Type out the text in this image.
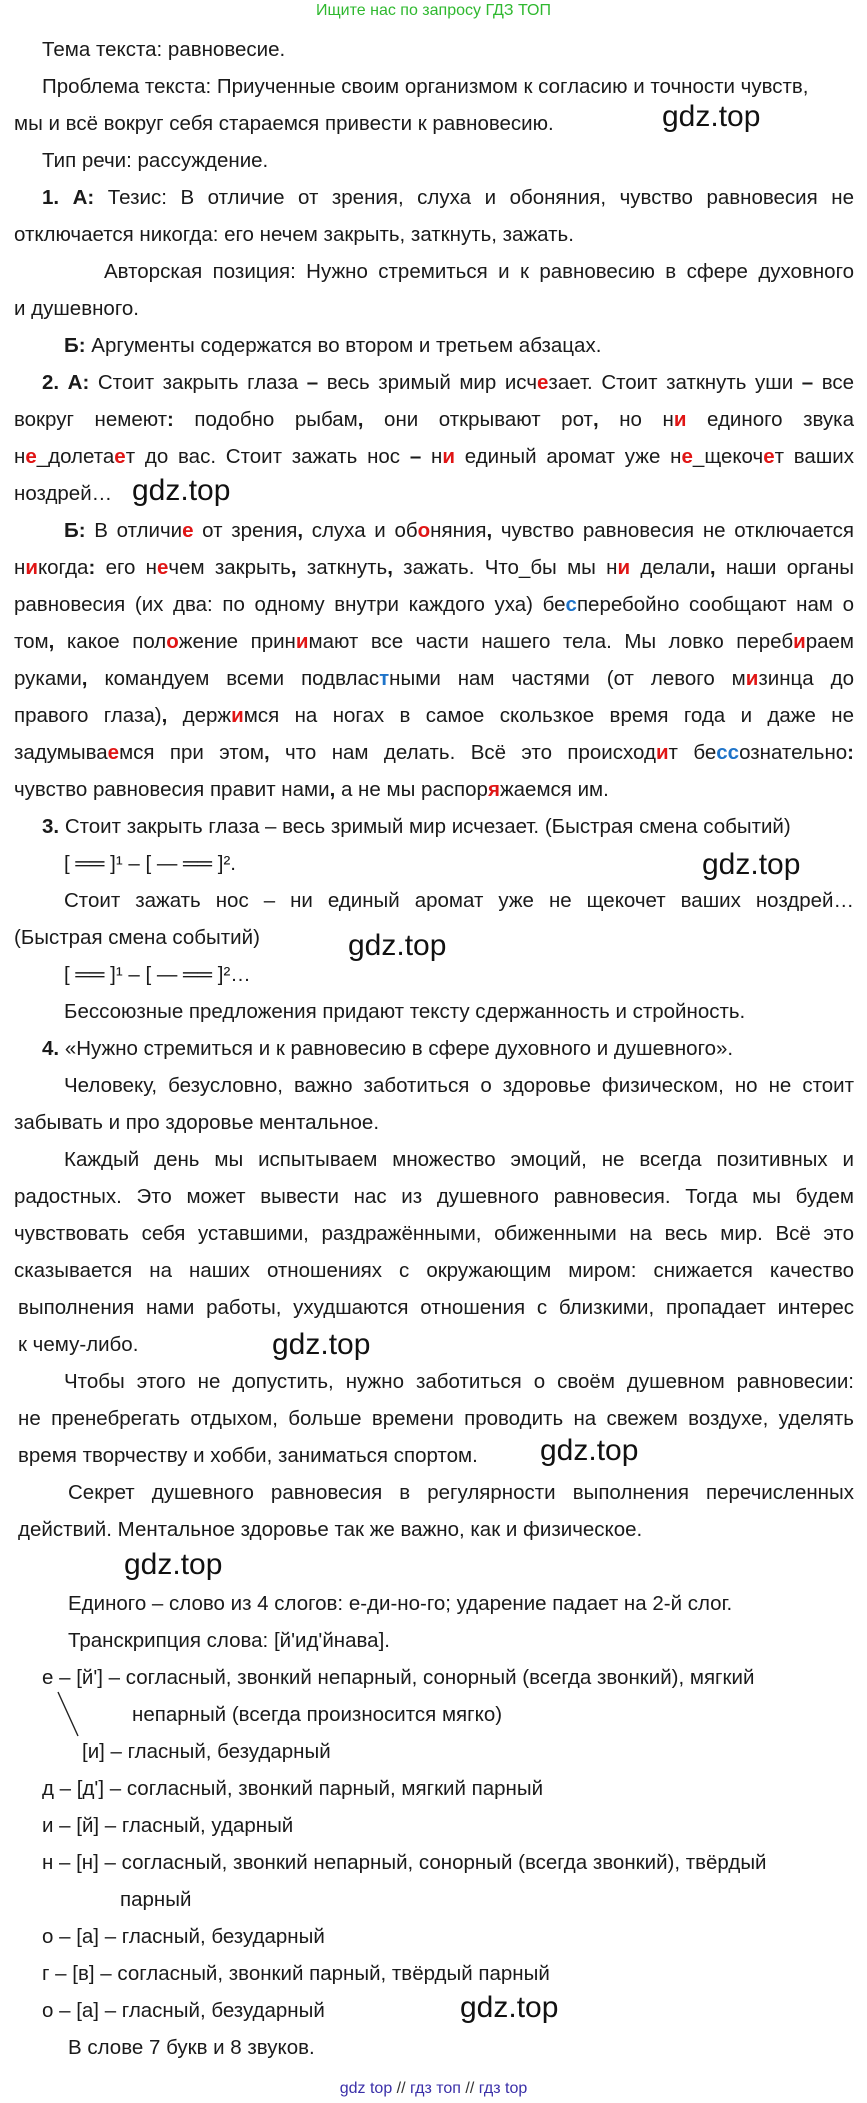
Ищите нас по запросу ГДЗ ТОП
Тема текста: равновесие.
Проблема текста: Приученные своим организмом к согласию и точности чувств,
мы и всё вокруг себя стараемся привести к равновесию.
Тип речи: рассуждение.
1. А: Тезис: В отличие от зрения, слуха и обоняния, чувство равновесия не
отключается никогда: его нечем закрыть, заткнуть, зажать.
Авторская позиция: Нужно стремиться и к равновесию в сфере духовного
и душевного.
Б: Аргументы содержатся во втором и третьем абзацах.
2. А: Стоит закрыть глаза – весь зримый мир исчезает. Стоит заткнуть уши – все
вокруг немеют: подобно рыбам, они открывают рот, но ни единого звука
не_долетает до вас. Стоит зажать нос – ни единый аромат уже не_щекочет ваших
ноздрей…
Б: В отличие от зрения, слуха и обоняния, чувство равновесия не отключается
никогда: его нечем закрыть, заткнуть, зажать. Что_бы мы ни делали, наши органы
равновесия (их два: по одному внутри каждого уха) бесперебойно сообщают нам о
том, какое положение принимают все части нашего тела. Мы ловко перебираем
руками, командуем всеми подвластными нам частями (от левого мизинца до
правого глаза), держимся на ногах в самое скользкое время года и даже не
задумываемся при этом, что нам делать. Всё это происходит бессознательно:
чувство равновесия правит нами, а не мы распоряжаемся им.
3. Стоит закрыть глаза – весь зримый мир исчезает. (Быстрая смена событий)
[ ══ ]¹ – [ — ══ ]².
Стоит зажать нос – ни единый аромат уже не щекочет ваших ноздрей…
(Быстрая смена событий)
[ ══ ]¹ – [ — ══ ]²…
Бессоюзные предложения придают тексту сдержанность и стройность.
4. «Нужно стремиться и к равновесию в сфере духовного и душевного».
Человеку, безусловно, важно заботиться о здоровье физическом, но не стоит
забывать и про здоровье ментальное.
Каждый день мы испытываем множество эмоций, не всегда позитивных и
радостных. Это может вывести нас из душевного равновесия. Тогда мы будем
чувствовать себя уставшими, раздражёнными, обиженными на весь мир. Всё это
сказывается на наших отношениях с окружающим миром: снижается качество
выполнения нами работы, ухудшаются отношения с близкими, пропадает интерес
к чему-либо.
Чтобы этого не допустить, нужно заботиться о своём душевном равновесии:
не пренебрегать отдыхом, больше времени проводить на свежем воздухе, уделять
время творчеству и хобби, заниматься спортом.
Секрет душевного равновесия в регулярности выполнения перечисленных
действий. Ментальное здоровье так же важно, как и физическое.
Единого – слово из 4 слогов: е-ди-но-го; ударение падает на 2-й слог.
Транскрипция слова: [й'ид'йнава].
е – [й'] – согласный, звонкий непарный, сонорный (всегда звонкий), мягкий
непарный (всегда произносится мягко)
[и] – гласный, безударный
д – [д'] – согласный, звонкий парный, мягкий парный
и – [й] – гласный, ударный
н – [н] – согласный, звонкий непарный, сонорный (всегда звонкий), твёрдый
парный
о – [а] – гласный, безударный
г – [в] – согласный, звонкий парный, твёрдый парный
о – [а] – гласный, безударный
В слове 7 букв и 8 звуков.
gdz.top
gdz.top
gdz.top
gdz.top
gdz.top
gdz.top
gdz.top
gdz.top
gdz top // гдз топ // гдз top
